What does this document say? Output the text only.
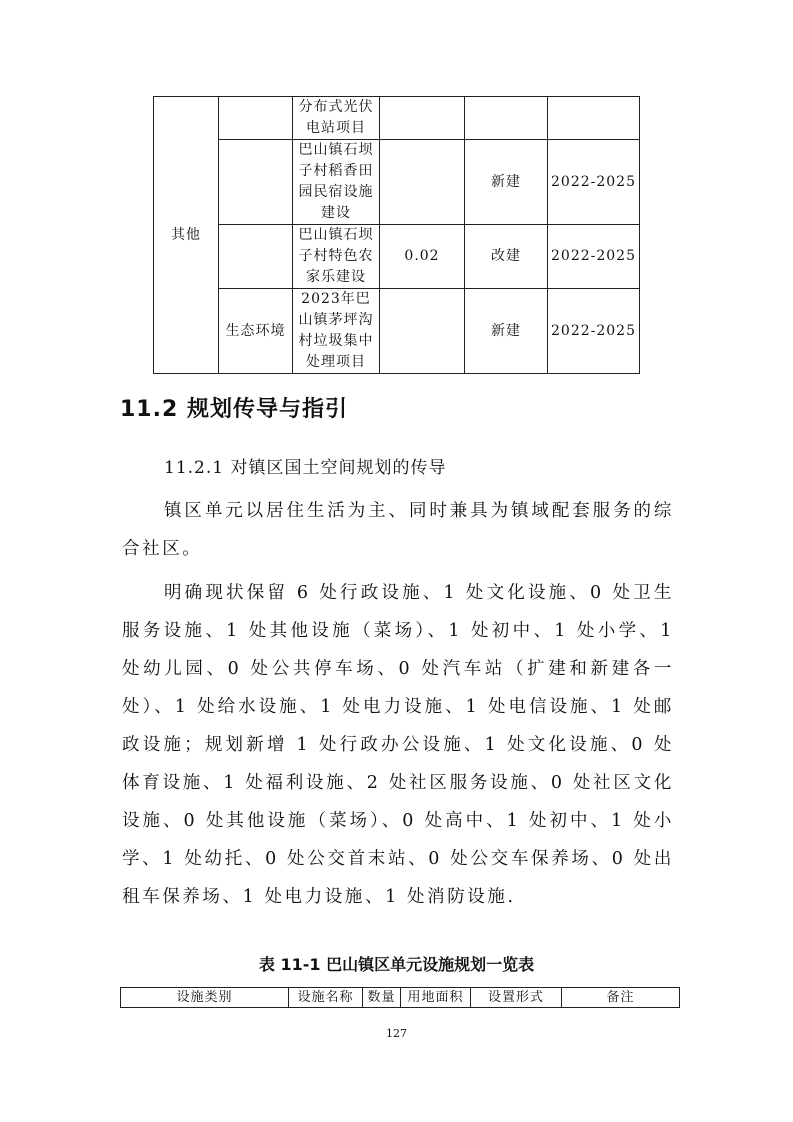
其他		分布式光伏电站项目			

		巴山镇石坝子村稻香田园民宿设施建设		新建	2022-2025

		巴山镇石坝子村特色农家乐建设	0.02	改建	2022-2025
	生态环境	2023年巴山镇茅坪沟村垃圾集中处理项目		新建	2022-2025
11.2 规划传导与指引
11.2.1 对镇区国土空间规划的传导

镇区单元以居住生活为主、同时兼具为镇域配套服务的综合社区。

明确现状保留 6 处行政设施、1 处文化设施、0 处卫生服务设施、1 处其他设施（菜场）、1 处初中、1 处小学、1 处幼儿园、0 处公共停车场、0 处汽车站（扩建和新建各一处）、1 处给水设施、1 处电力设施、1 处电信设施、1 处邮政设施；规划新增 1 处行政办公设施、1 处文化设施、0 处体育设施、1 处福利设施、2 处社区服务设施、0 处社区文化设施、0 处其他设施（菜场）、0 处高中、1 处初中、1 处小学、1 处幼托、0 处公交首末站、0 处公交车保养场、0 处出租车保养场、1 处电力设施、1 处消防设施.

表 11-1 巴山镇区单元设施规划一览表
设施类别	设施名称	数量	用地面积	设置形式	备注
127
